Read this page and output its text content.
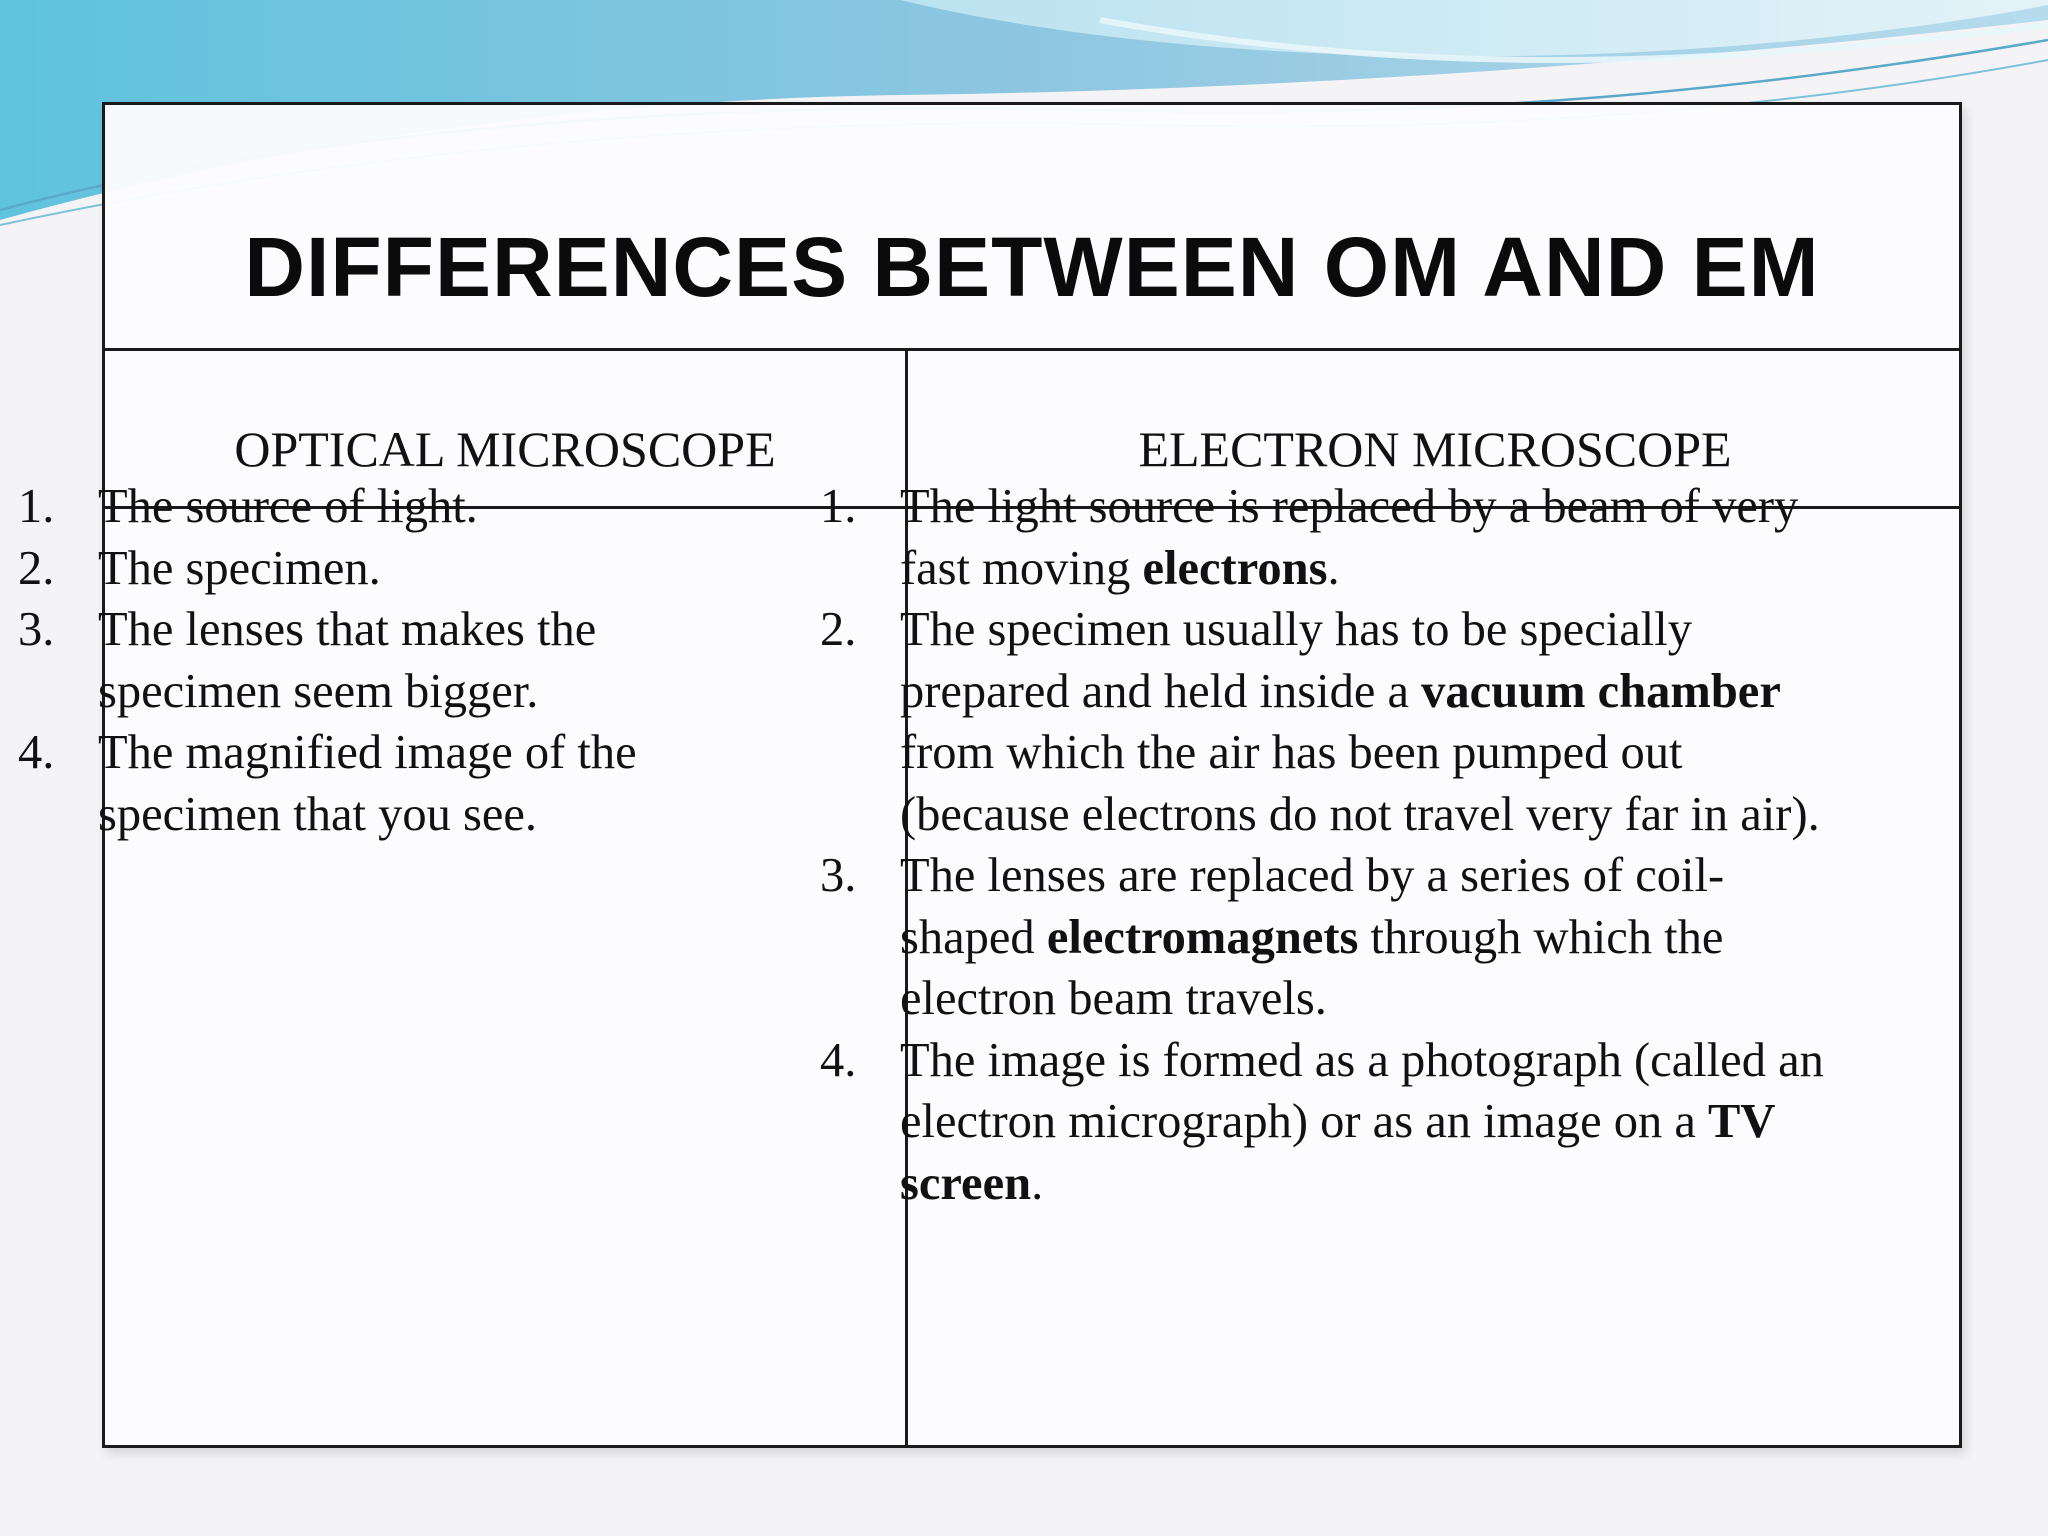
DIFFERENCES BETWEEN OM AND EM
OPTICAL MICROSCOPE	ELECTRON MICROSCOPE
1. The source of light.
2. The specimen.
3. The lenses that makes the specimen seem bigger.
4. The magnified image of the specimen that you see.
1. The light source is replaced by a beam of very fast moving electrons.
2. The specimen usually has to be specially prepared and held inside a vacuum chamber from which the air has been pumped out (because electrons do not travel very far in air).
3. The lenses are replaced by a series of coil-shaped electromagnets through which the electron beam travels.
4. The image is formed as a photograph (called an electron micrograph) or as an image on a TV screen.
